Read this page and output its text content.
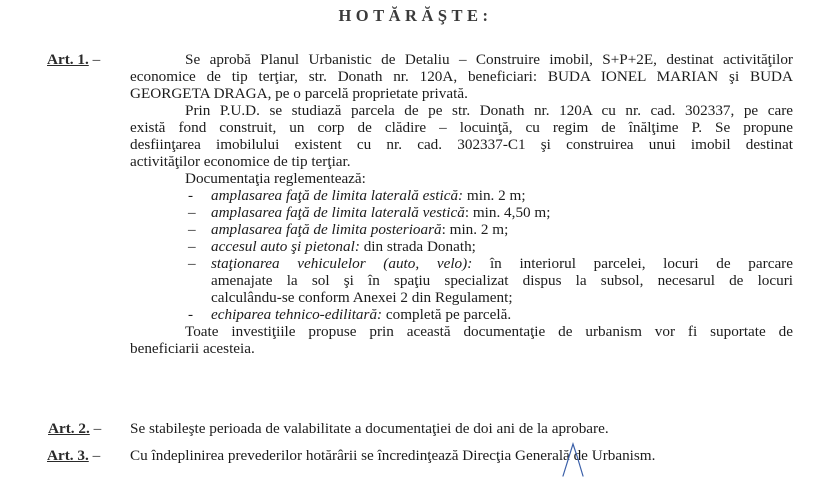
HOTĂRĂŞTE:
Art. 1. –	Se aprobă Planul Urbanistic de Detaliu – Construire imobil, S+P+2E, destinat activităţilor
economice de tip terţiar, str. Donath nr. 120A, beneficiari: BUDA IONEL MARIAN şi BUDA
GEORGETA DRAGA, pe o parcelă proprietate privată.
Prin P.U.D. se studiază parcela de pe str. Donath nr. 120A cu nr. cad. 302337, pe care
există fond construit, un corp de clădire – locuinţă, cu regim de înălţime P. Se propune
desfiinţarea imobilului existent cu nr. cad. 302337-C1 şi construirea unui imobil destinat
activităţilor economice de tip terţiar.
Documentaţia reglementează:
- amplasarea faţă de limita laterală estică: min. 2 m;
– amplasarea faţă de limita laterală vestică: min. 4,50 m;
– amplasarea faţă de limita posterioară: min. 2 m;
– accesul auto şi pietonal: din strada Donath;
– staţionarea vehiculelor (auto, velo): în interiorul parcelei, locuri de parcare
amenajate la sol şi în spaţiu specializat dispus la subsol, necesarul de locuri
calculându-se conform Anexei 2 din Regulament;
- echiparea tehnico-edilitară: completă pe parcelă.
Toate investiţiile propuse prin această documentaţie de urbanism vor fi suportate de
beneficiarii acesteia.
Art. 2. – Se stabileşte perioada de valabilitate a documentaţiei de doi ani de la aprobare.
Art. 3. – Cu îndeplinirea prevederilor hotărârii se încredinţează Direcţia Generală de Urbanism.
